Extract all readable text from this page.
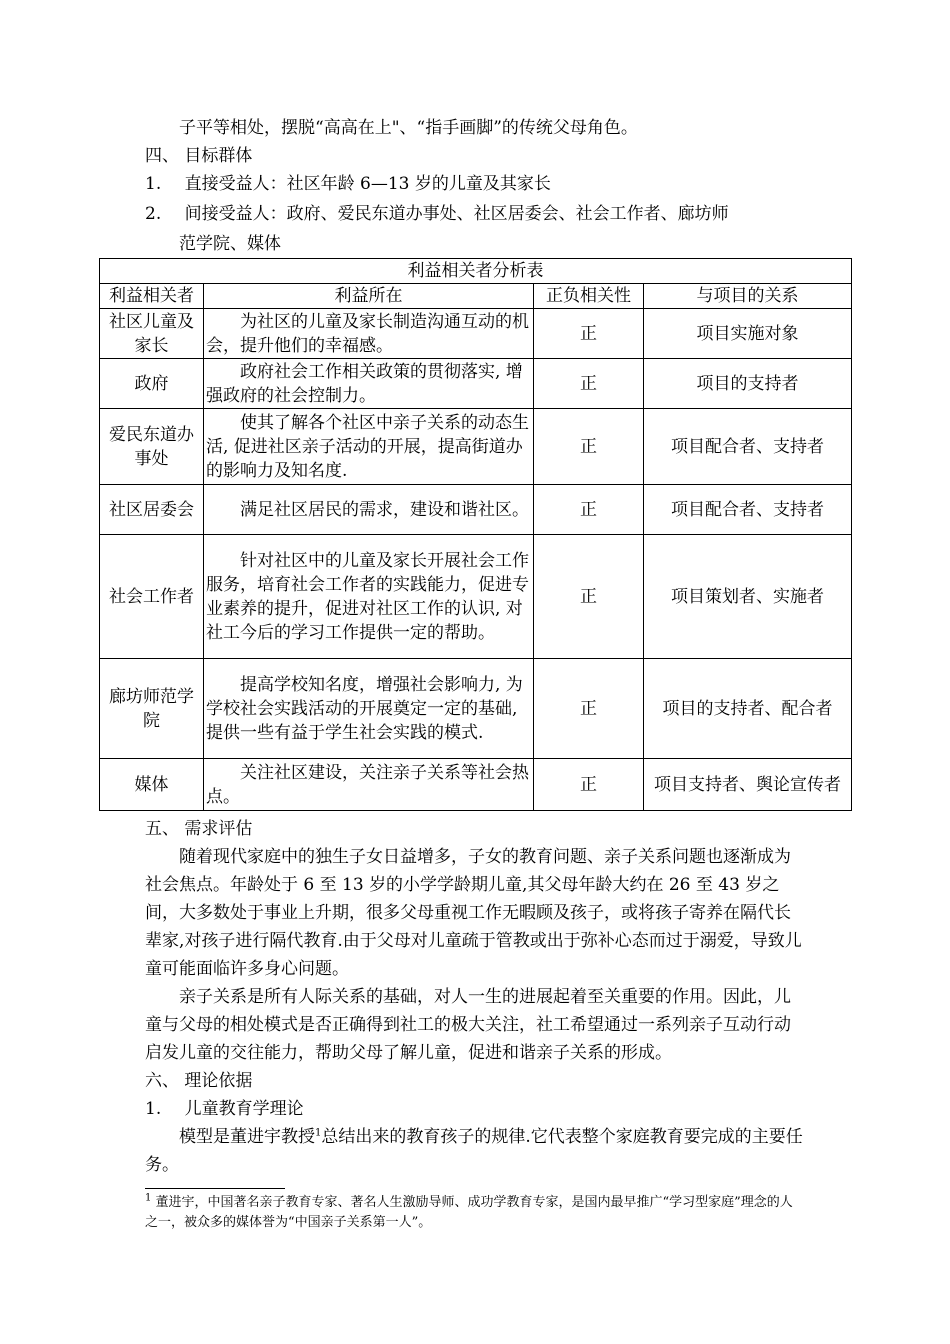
子平等相处，摆脱“高高在上"、“指手画脚”的传统父母角色。
四、 目标群体
1. 直接受益人：社区年龄 6—13 岁的儿童及其家长
2. 间接受益人：政府、爱民东道办事处、社区居委会、社会工作者、廊坊师
范学院、媒体
利益相关者分析表			
利益相关者	利益所在	正负相关性	与项目的关系
社区儿童及家长	为社区的儿童及家长制造沟通互动的机会，提升他们的幸福感。	正	项目实施对象
政府	政府社会工作相关政策的贯彻落实, 增强政府的社会控制力。	正	项目的支持者
爱民东道办事处	使其了解各个社区中亲子关系的动态生活, 促进社区亲子活动的开展，提高街道办的影响力及知名度.	正	项目配合者、支持者
社区居委会	满足社区居民的需求，建设和谐社区。	正	项目配合者、支持者
社会工作者	针对社区中的儿童及家长开展社会工作服务，培育社会工作者的实践能力，促进专业素养的提升，促进对社区工作的认识, 对社工今后的学习工作提供一定的帮助。	正	项目策划者、实施者
廊坊师范学院	提高学校知名度，增强社会影响力, 为学校社会实践活动的开展奠定一定的基础, 提供一些有益于学生社会实践的模式.	正	项目的支持者、配合者
媒体	关注社区建设，关注亲子关系等社会热点。	正	项目支持者、舆论宣传者
五、 需求评估
随着现代家庭中的独生子女日益增多，子女的教育问题、亲子关系问题也逐渐成为社会焦点。年龄处于 6 至 13 岁的小学学龄期儿童,其父母年龄大约在 26 至 43 岁之间，大多数处于事业上升期，很多父母重视工作无暇顾及孩子，或将孩子寄养在隔代长辈家,对孩子进行隔代教育.由于父母对儿童疏于管教或出于弥补心态而过于溺爱，导致儿童可能面临许多身心问题。
亲子关系是所有人际关系的基础，对人一生的进展起着至关重要的作用。因此，儿童与父母的相处模式是否正确得到社工的极大关注，社工希望通过一系列亲子互动行动启发儿童的交往能力，帮助父母了解儿童，促进和谐亲子关系的形成。
六、 理论依据
1. 儿童教育学理论
模型是董进宇教授$^1$总结出来的教育孩子的规律.它代表整个家庭教育要完成的主要任务。
$^1$ 董进宇，中国著名亲子教育专家、著名人生激励导师、成功学教育专家，是国内最早推广“学习型家庭”理念的人之一，被众多的媒体誉为“中国亲子关系第一人”。
